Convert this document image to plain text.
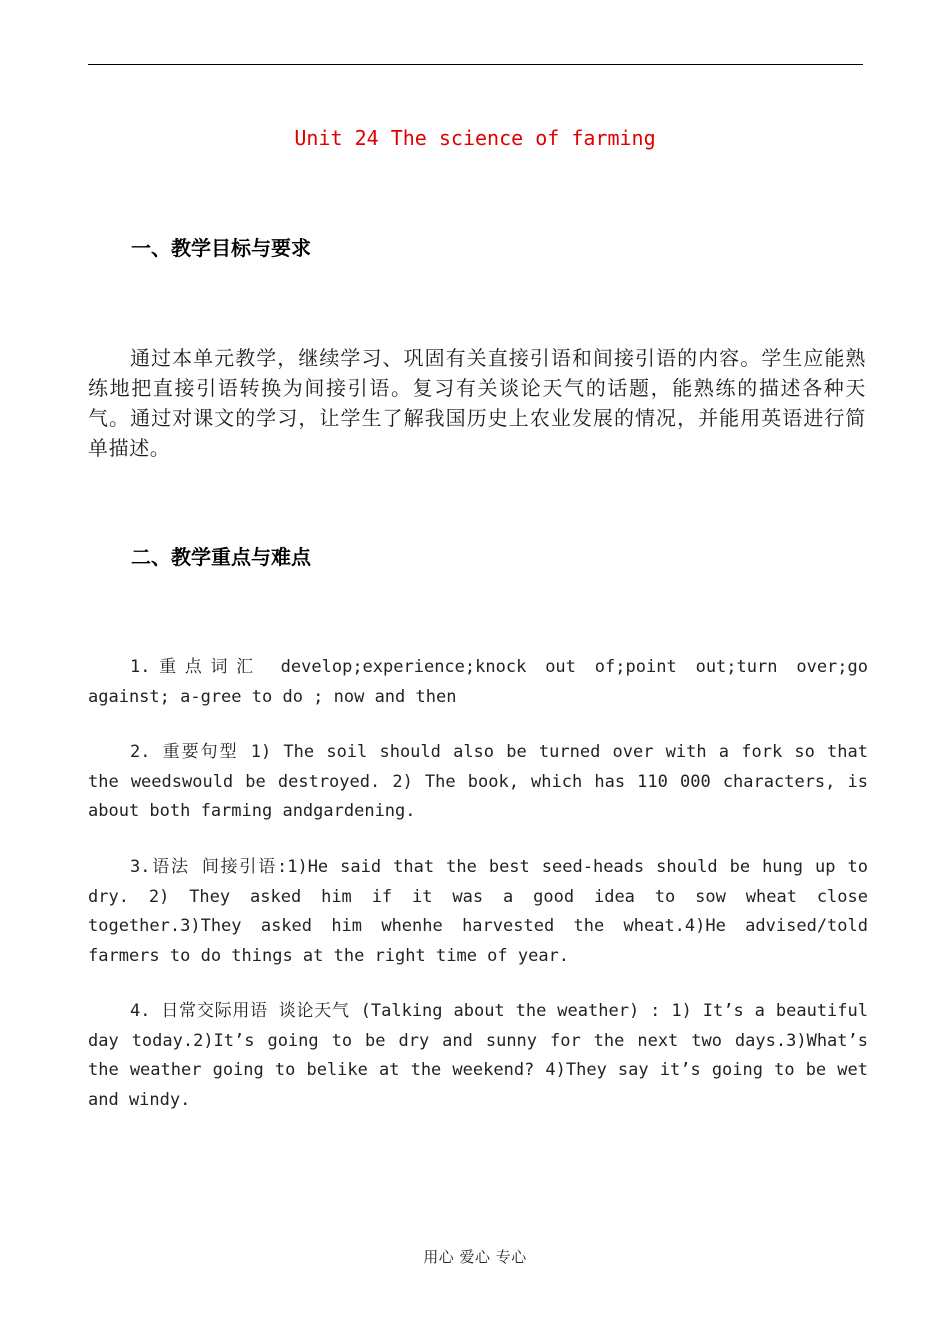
Unit 24 The science of farming
一、教学目标与要求

通过本单元教学，继续学习、巩固有关直接引语和间接引语的内容。学生应能熟练地把直接引语转换为间接引语。复习有关谈论天气的话题，能熟练的描述各种天气。通过对课文的学习，让学生了解我国历史上农业发展的情况，并能用英语进行简单描述。

二、教学重点与难点

1.重点词汇 develop;experience;knock out of;point out;turn over;go against; a-gree to do ; now and then

2. 重要句型 1) The soil should also be turned over with a fork so that the weedswould be destroyed. 2) The book, which has 110 000 characters, is about both farming andgardening.

3.语法 间接引语:1)He said that the best seed-heads should be hung up to dry. 2) They asked him if it was a good idea to sow wheat close together.3)They asked him whenhe harvested the wheat.4)He advised/told farmers to do things at the right time of year.

4. 日常交际用语 谈论天气 (Talking about the weather) : 1) It’s a beautiful day today.2)It’s going to be dry and sunny for the next two days.3)What’s the weather going to belike at the weekend? 4)They say it’s going to be wet and windy.

用心 爱心 专心
